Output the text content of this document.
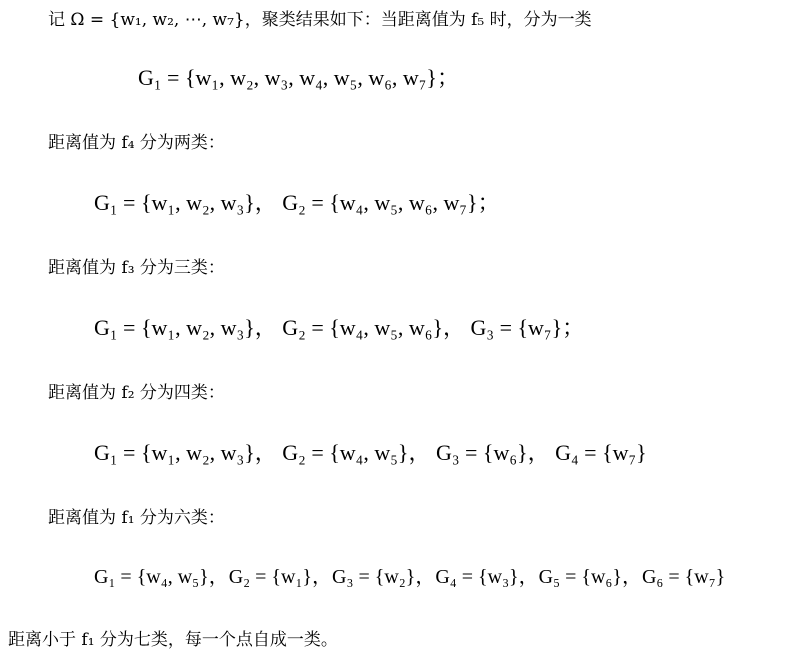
记 Ω = {w₁, w₂, ⋯, w₇}，聚类结果如下：当距离值为 f₅ 时，分为一类
G₁ = {w₁, w₂, w₃, w₄, w₅, w₆, w₇}；
距离值为 f₄ 分为两类：
G₁ = {w₁, w₂, w₃}， G₂ = {w₄, w₅, w₆, w₇}；
距离值为 f₃ 分为三类：
G₁ = {w₁, w₂, w₃}， G₂ = {w₄, w₅, w₆}， G₃ = {w₇}；
距离值为 f₂ 分为四类：
G₁ = {w₁, w₂, w₃}， G₂ = {w₄, w₅}， G₃ = {w₆}， G₄ = {w₇}
距离值为 f₁ 分为六类：
G₁ = {w₄, w₅}，G₂ = {w₁}，G₃ = {w₂}，G₄ = {w₃}，G₅ = {w₆}，G₆ = {w₇}
距离小于 f₁ 分为七类，每一个点自成一类。
